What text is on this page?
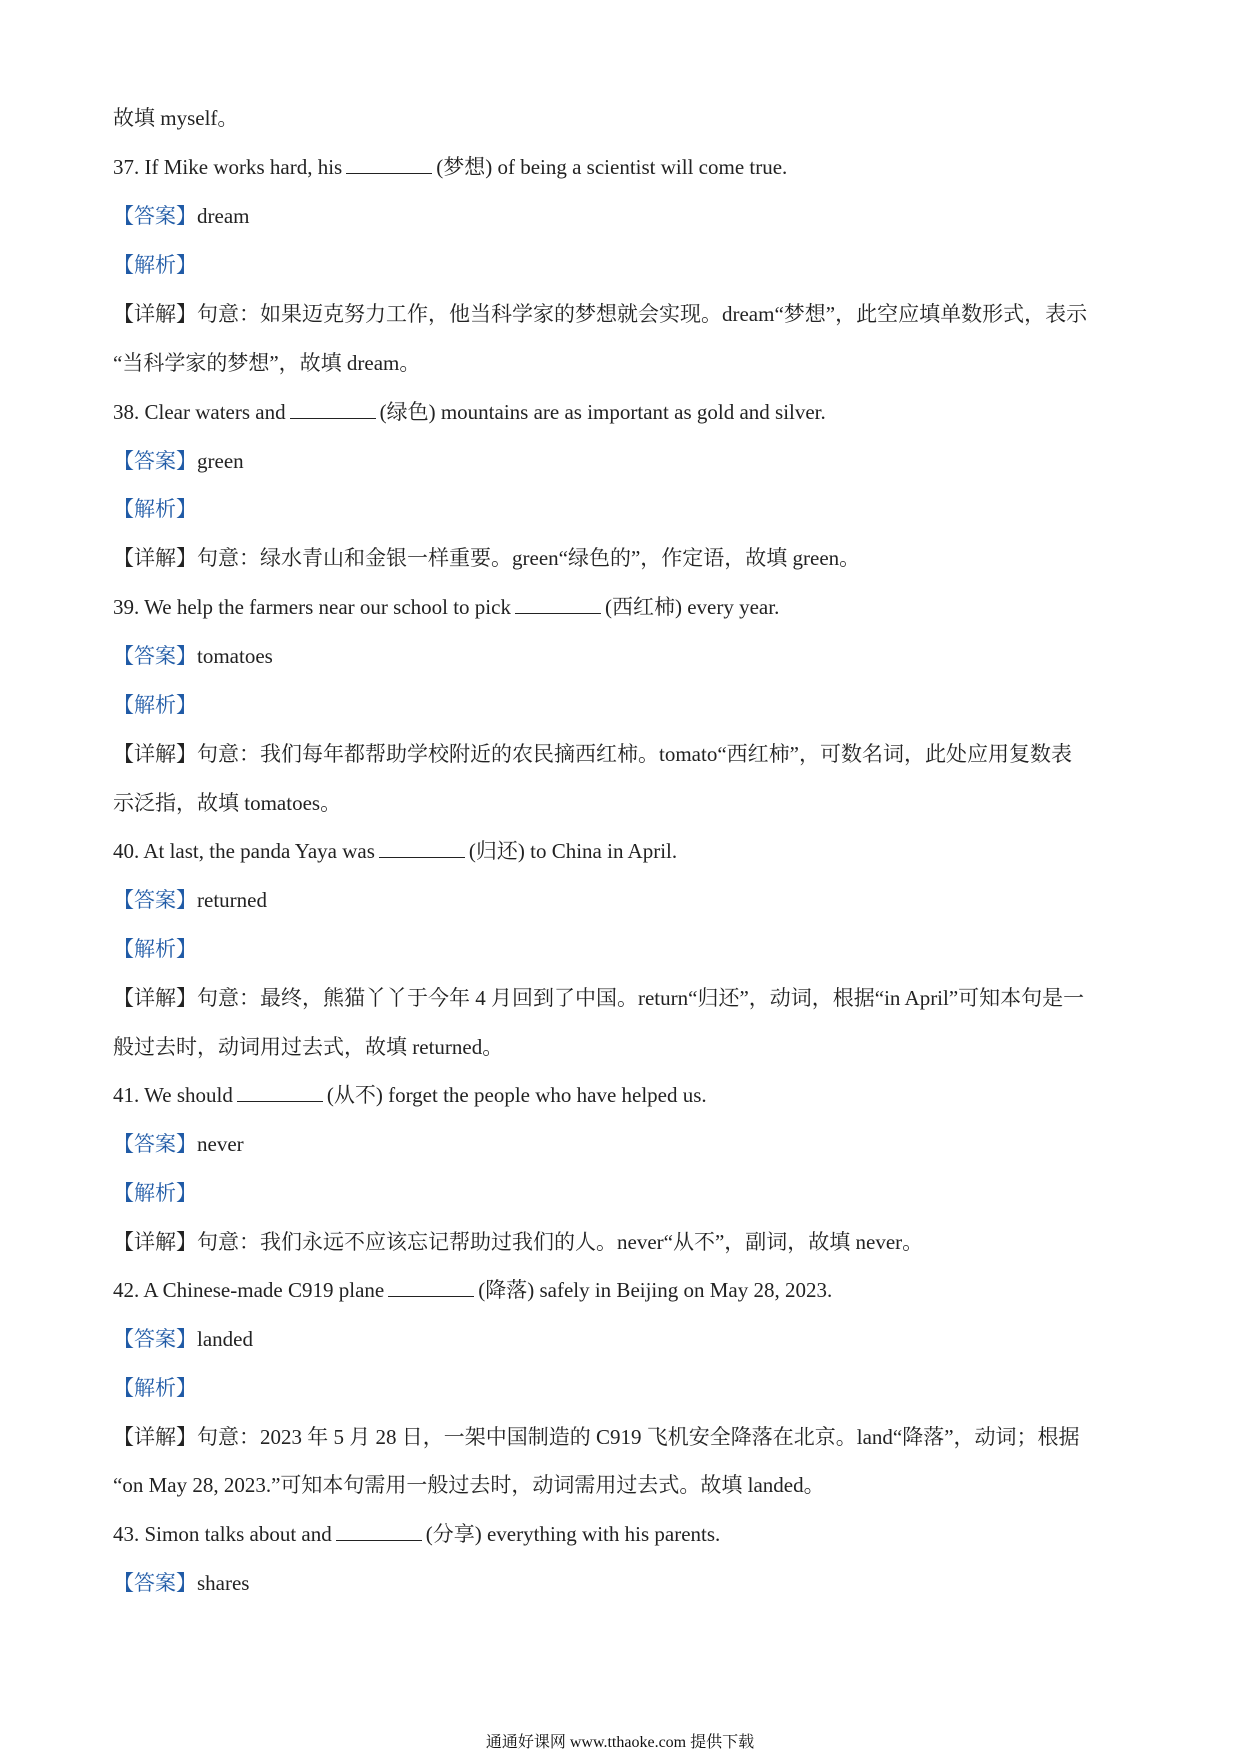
故填 myself。
37. If Mike works hard, his	(梦想) of being a scientist will come true.
【答案】dream
【解析】
【详解】句意：如果迈克努力工作，他当科学家的梦想就会实现。dream“梦想”，此空应填单数形式，表示
“当科学家的梦想”，故填 dream。
38. Clear waters and	(绿色) mountains are as important as gold and silver.
【答案】green
【解析】
【详解】句意：绿水青山和金银一样重要。green“绿色的”，作定语，故填 green。
39. We help the farmers near our school to pick	(西红柿) every year.
【答案】tomatoes
【解析】
【详解】句意：我们每年都帮助学校附近的农民摘西红柿。tomato“西红柿”，可数名词，此处应用复数表
示泛指，故填 tomatoes。
40. At last, the panda Yaya was	(归还) to China in April.
【答案】returned
【解析】
【详解】句意：最终，熊猫丫丫于今年 4 月回到了中国。return“归还”，动词，根据“in April”可知本句是一
般过去时，动词用过去式，故填 returned。
41. We should	(从不) forget the people who have helped us.
【答案】never
【解析】
【详解】句意：我们永远不应该忘记帮助过我们的人。never“从不”，副词，故填 never。
42. A Chinese-made C919 plane	(降落) safely in Beijing on May 28, 2023.
【答案】landed
【解析】
【详解】句意：2023 年 5 月 28 日，一架中国制造的 C919 飞机安全降落在北京。land“降落”，动词；根据
“on May 28, 2023.”可知本句需用一般过去时，动词需用过去式。故填 landed。
43. Simon talks about and	(分享) everything with his parents.
【答案】shares
通通好课网 www.tthaoke.com 提供下载
